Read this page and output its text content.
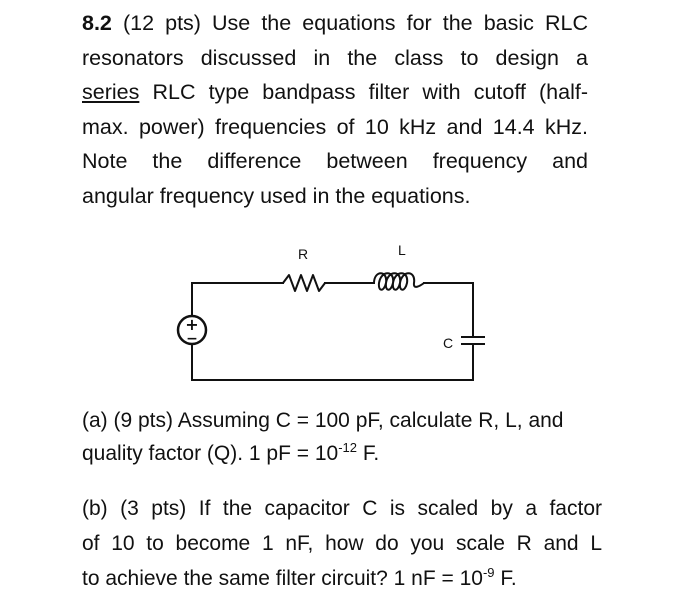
8.2 (12 pts) Use the equations for the basic RLC
resonators discussed in the class to design a
series RLC type bandpass filter with cutoff (half-
max. power) frequencies of 10 kHz and 14.4 kHz.
Note the difference between frequency and
angular frequency used in the equations.
+
−
R	L
C
(a) (9 pts) Assuming C = 100 pF, calculate R, L, and
quality factor (Q). 1 pF = $10^{-12}$ F.
(b) (3 pts) If the capacitor C is scaled by a factor
of 10 to become 1 nF, how do you scale R and L
to achieve the same filter circuit? 1 nF = $10^{-9}$ F.
